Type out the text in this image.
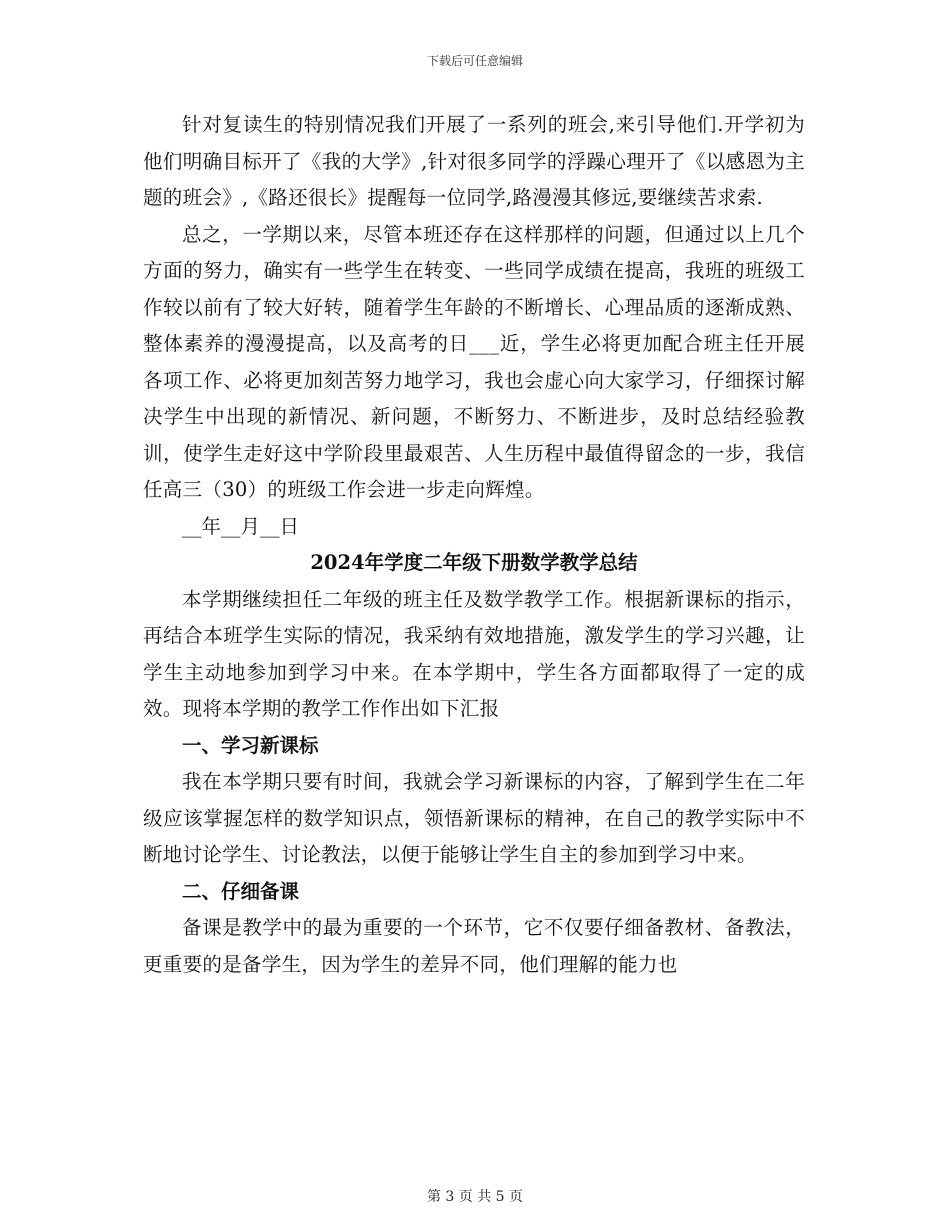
下载后可任意编辑

针对复读生的特别情况我们开展了一系列的班会,来引导他们.开学初为他们明确目标开了《我的大学》,针对很多同学的浮躁心理开了《以感恩为主题的班会》,《路还很长》提醒每一位同学,路漫漫其修远,要继续苦求索.

总之，一学期以来，尽管本班还存在这样那样的问题，但通过以上几个方面的努力，确实有一些学生在转变、一些同学成绩在提高，我班的班级工作较以前有了较大好转，随着学生年龄的不断增长、心理品质的逐渐成熟、整体素养的漫漫提高，以及高考的日___近，学生必将更加配合班主任开展各项工作、必将更加刻苦努力地学习，我也会虚心向大家学习，仔细探讨解决学生中出现的新情况、新问题，不断努力、不断进步，及时总结经验教训，使学生走好这中学阶段里最艰苦、人生历程中最值得留念的一步，我信任高三（30）的班级工作会进一步走向辉煌。

__年__月__日

2024年学度二年级下册数学教学总结

本学期继续担任二年级的班主任及数学教学工作。根据新课标的指示，再结合本班学生实际的情况，我采纳有效地措施，激发学生的学习兴趣，让学生主动地参加到学习中来。在本学期中，学生各方面都取得了一定的成效。现将本学期的教学工作作出如下汇报

一、学习新课标

我在本学期只要有时间，我就会学习新课标的内容，了解到学生在二年级应该掌握怎样的数学知识点，领悟新课标的精神，在自己的教学实际中不断地讨论学生、讨论教法，以便于能够让学生自主的参加到学习中来。

二、仔细备课

备课是教学中的最为重要的一个环节，它不仅要仔细备教材、备教法，更重要的是备学生，因为学生的差异不同，他们理解的能力也

第 3 页 共 5 页
